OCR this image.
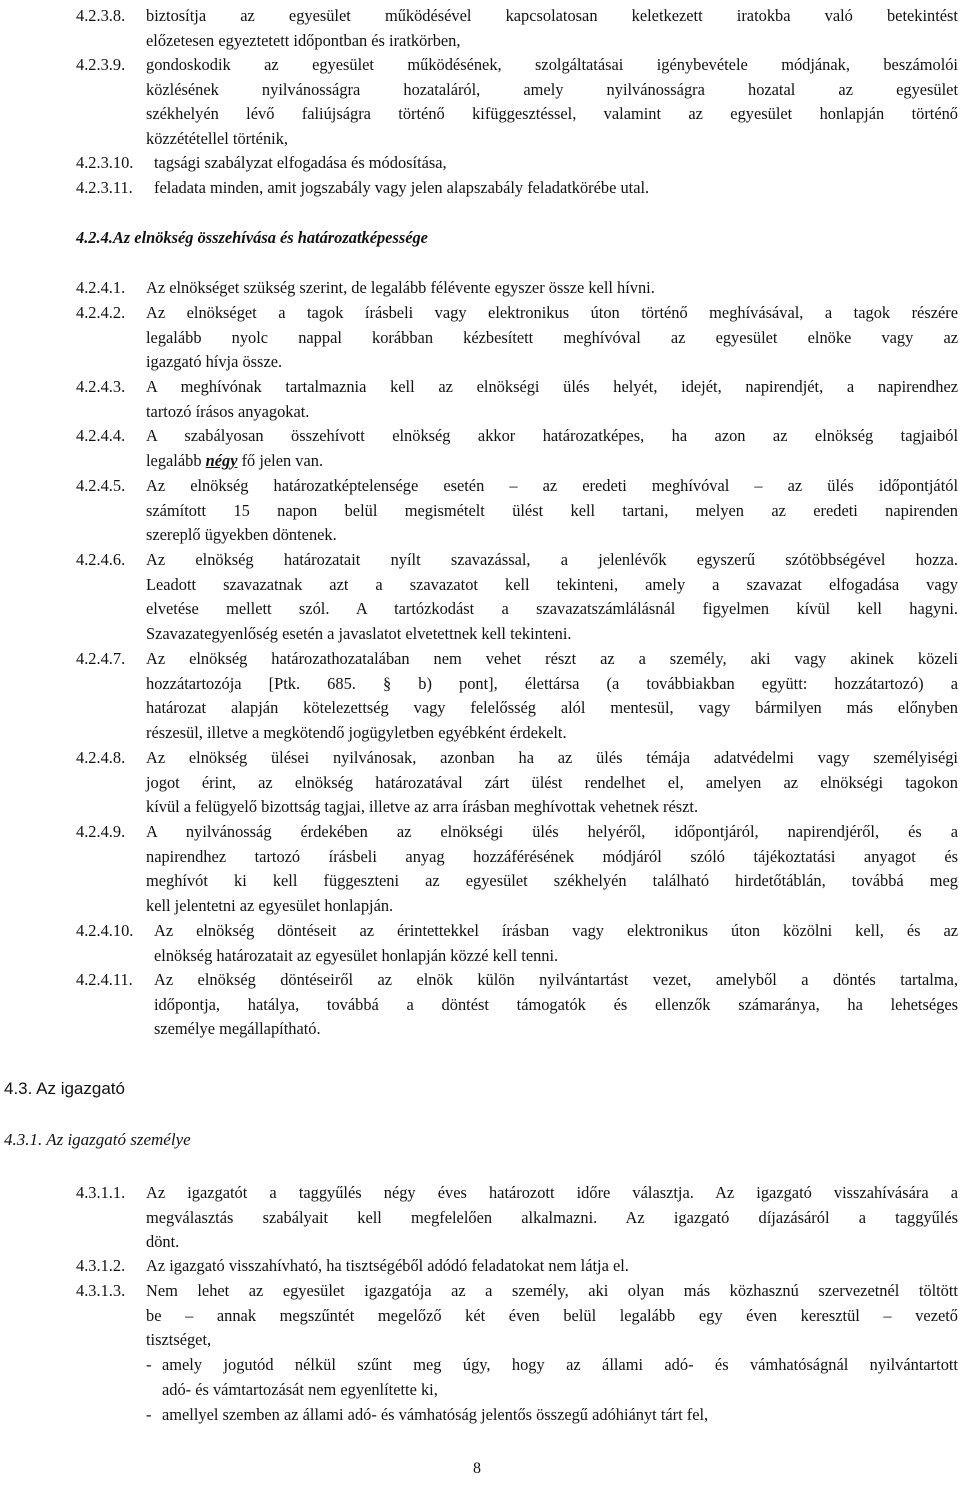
4.2.3.8. biztosítja az egyesület működésével kapcsolatosan keletkezett iratokba való betekintést
előzetesen egyeztetett időpontban és iratkörben,
4.2.3.9. gondoskodik az egyesület működésének, szolgáltatásai igénybevétele módjának, beszámolói
közlésének nyilvánosságra hozataláról, amely nyilvánosságra hozatal az egyesület
székhelyén lévő faliújságra történő kifüggesztéssel, valamint az egyesület honlapján történő
közzététellel történik,
4.2.3.10. tagsági szabályzat elfogadása és módosítása,
4.2.3.11. feladata minden, amit jogszabály vagy jelen alapszabály feladatkörébe utal.
4.2.4.Az elnökség összehívása és határozatképessége
4.2.4.1. Az elnökséget szükség szerint, de legalább félévente egyszer össze kell hívni.
4.2.4.2. Az elnökséget a tagok írásbeli vagy elektronikus úton történő meghívásával, a tagok részére
legalább nyolc nappal korábban kézbesített meghívóval az egyesület elnöke vagy az
igazgató hívja össze.
4.2.4.3. A meghívónak tartalmaznia kell az elnökségi ülés helyét, idejét, napirendjét, a napirendhez
tartozó írásos anyagokat.
4.2.4.4. A szabályosan összehívott elnökség akkor határozatképes, ha azon az elnökség tagjaiból
legalább négy fő jelen van.
4.2.4.5. Az elnökség határozatképtelensége esetén – az eredeti meghívóval – az ülés időpontjától
számított 15 napon belül megismételt ülést kell tartani, melyen az eredeti napirenden
szereplő ügyekben döntenek.
4.2.4.6. Az elnökség határozatait nyílt szavazással, a jelenlévők egyszerű szótöbbségével hozza.
Leadott szavazatnak azt a szavazatot kell tekinteni, amely a szavazat elfogadása vagy
elvetése mellett szól. A tartózkodást a szavazatszámlálásnál figyelmen kívül kell hagyni.
Szavazategyenlőség esetén a javaslatot elvetettnek kell tekinteni.
4.2.4.7. Az elnökség határozathozatalában nem vehet részt az a személy, aki vagy akinek közeli
hozzátartozója [Ptk. 685. § b) pont], élettársa (a továbbiakban együtt: hozzátartozó) a
határozat alapján kötelezettség vagy felelősség alól mentesül, vagy bármilyen más előnyben
részesül, illetve a megkötendő jogügyletben egyébként érdekelt.
4.2.4.8. Az elnökség ülései nyilvánosak, azonban ha az ülés témája adatvédelmi vagy személyiségi
jogot érint, az elnökség határozatával zárt ülést rendelhet el, amelyen az elnökségi tagokon
kívül a felügyelő bizottság tagjai, illetve az arra írásban meghívottak vehetnek részt.
4.2.4.9. A nyilvánosság érdekében az elnökségi ülés helyéről, időpontjáról, napirendjéről, és a
napirendhez tartozó írásbeli anyag hozzáférésének módjáról szóló tájékoztatási anyagot és
meghívót ki kell függeszteni az egyesület székhelyén található hirdetőtáblán, továbbá meg
kell jelentetni az egyesület honlapján.
4.2.4.10. Az elnökség döntéseit az érintettekkel írásban vagy elektronikus úton közölni kell, és az
elnökség határozatait az egyesület honlapján közzé kell tenni.
4.2.4.11. Az elnökség döntéseiről az elnök külön nyilvántartást vezet, amelyből a döntés tartalma,
időpontja, hatálya, továbbá a döntést támogatók és ellenzők számaránya, ha lehetséges
személye megállapítható.
4.3. Az igazgató
4.3.1. Az igazgató személye
4.3.1.1. Az igazgatót a taggyűlés négy éves határozott időre választja. Az igazgató visszahívására a
megválasztás szabályait kell megfelelően alkalmazni. Az igazgató díjazásáról a taggyűlés
dönt.
4.3.1.2. Az igazgató visszahívható, ha tisztségéből adódó feladatokat nem látja el.
4.3.1.3. Nem lehet az egyesület igazgatója az a személy, aki olyan más közhasznú szervezetnél töltött
be – annak megszűntét megelőző két éven belül legalább egy éven keresztül – vezető
tisztséget,
- amely jogutód nélkül szűnt meg úgy, hogy az állami adó- és vámhatóságnál nyilvántartott
adó- és vámtartozását nem egyenlítette ki,
- amellyel szemben az állami adó- és vámhatóság jelentős összegű adóhiányt tárt fel,
8
